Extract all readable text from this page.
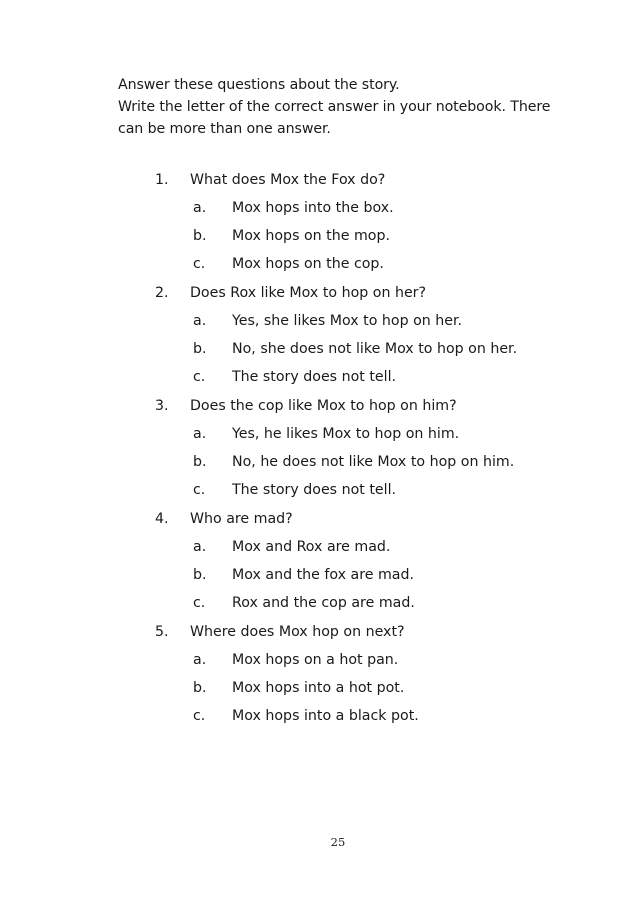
Answer these questions about the story.

Write the letter of the correct answer in your notebook. There

can be more than one answer.

1.	What does Mox the Fox do?
a.	Mox hops into the box.
b.	Mox hops on the mop.
c.	Mox hops on the cop.
2.	Does Rox like Mox to hop on her?
a.	Yes, she likes Mox to hop on her.
b.	No, she does not like Mox to hop on her.
c.	The story does not tell.
3.	Does the cop like Mox to hop on him?
a.	Yes, he likes Mox to hop on him.
b.	No, he does not like Mox to hop on him.
c.	The story does not tell.
4.	Who are mad?
a.	Mox and Rox are mad.
b.	Mox and the fox are mad.
c.	Rox and the cop are mad.
5.	Where does Mox hop on next?
a.	Mox hops on a hot pan.
b.	Mox hops into a hot pot.
c.	Mox hops into a black pot.
25
